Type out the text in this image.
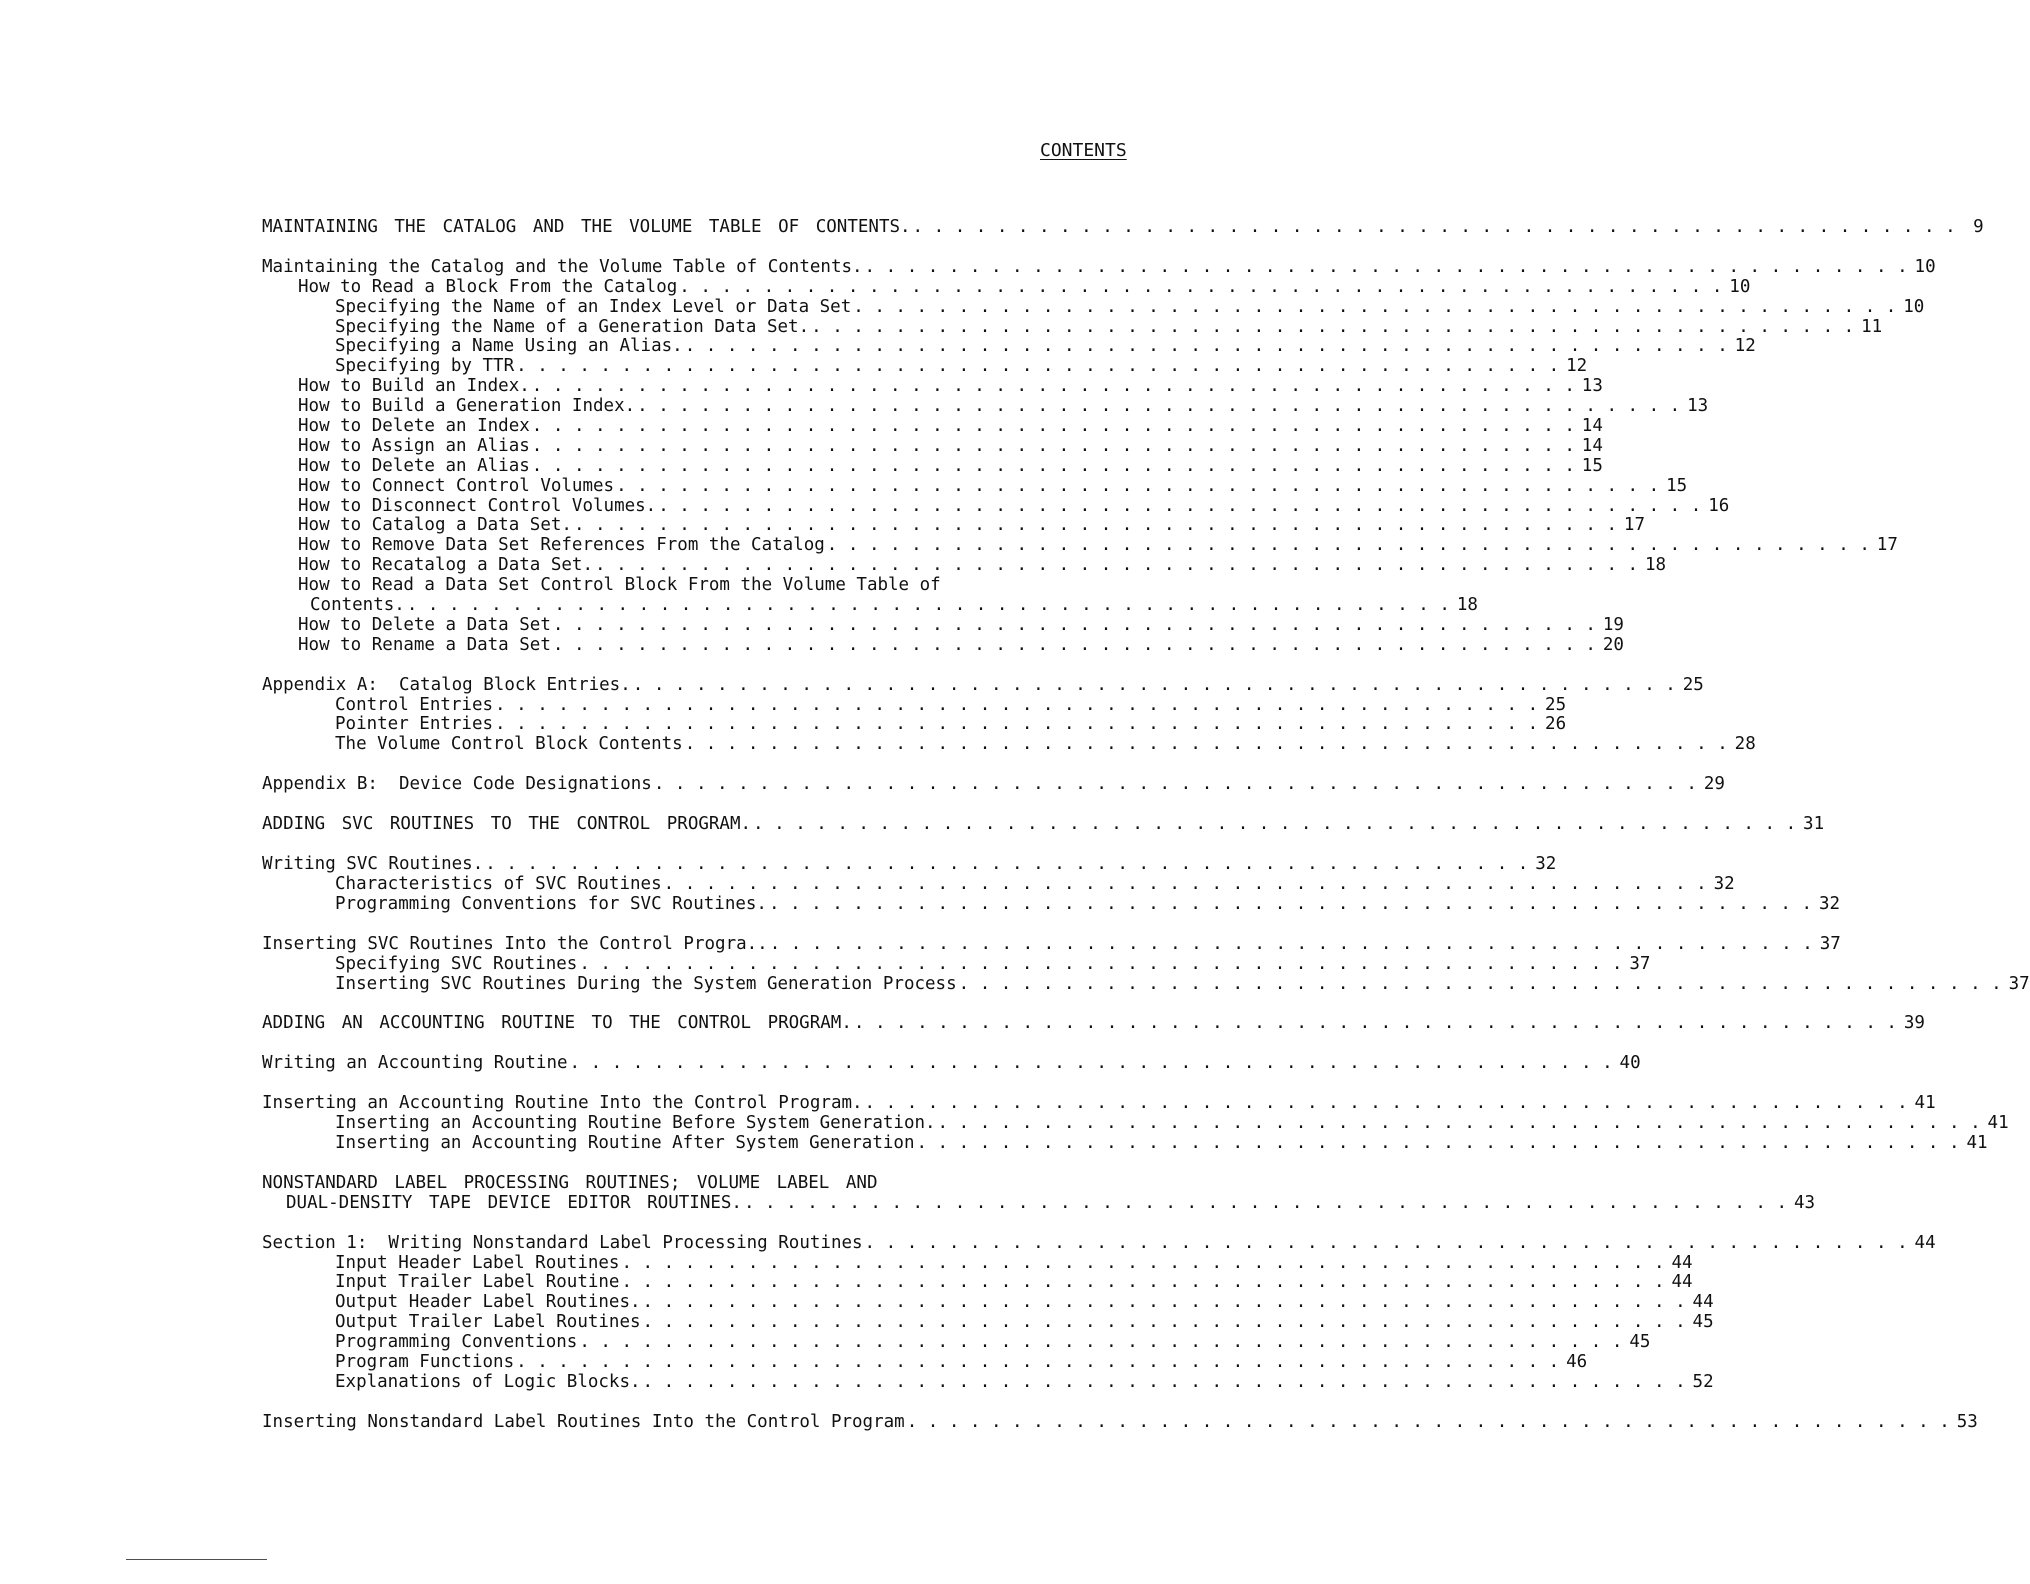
CONTENTS
MAINTAINING THE CATALOG AND THE VOLUME TABLE OF CONTENTS. . . . . . . . . . . . . . . . . . . . . . . . . . . . . . . . . . . . . . . . . . . . . . . . . . . 9
Maintaining the Catalog and the Volume Table of Contents. . . . . . . . . . . . . . . . . . . . . . . . . . . . . . . . . . . . . . . . . . . . . . . . . . . 10
How to Read a Block From the Catalog . . . . . . . . . . . . . . . . . . . . . . . . . . . . . . . . . . . . . . . . . . . . . . . . . . 10
Specifying the Name of an Index Level or Data Set . . . . . . . . . . . . . . . . . . . . . . . . . . . . . . . . . . . . . . . . . . . . . . . . . . 10
Specifying the Name of a Generation Data Set. . . . . . . . . . . . . . . . . . . . . . . . . . . . . . . . . . . . . . . . . . . . . . . . . . . 11
Specifying a Name Using an Alias. . . . . . . . . . . . . . . . . . . . . . . . . . . . . . . . . . . . . . . . . . . . . . . . . . . 12
Specifying by TTR . . . . . . . . . . . . . . . . . . . . . . . . . . . . . . . . . . . . . . . . . . . . . . . . . . 12
How to Build an Index. . . . . . . . . . . . . . . . . . . . . . . . . . . . . . . . . . . . . . . . . . . . . . . . . . . 13
How to Build a Generation Index. . . . . . . . . . . . . . . . . . . . . . . . . . . . . . . . . . . . . . . . . . . . . . . . . . . 13
How to Delete an Index . . . . . . . . . . . . . . . . . . . . . . . . . . . . . . . . . . . . . . . . . . . . . . . . . . 14
How to Assign an Alias . . . . . . . . . . . . . . . . . . . . . . . . . . . . . . . . . . . . . . . . . . . . . . . . . . 14
How to Delete an Alias . . . . . . . . . . . . . . . . . . . . . . . . . . . . . . . . . . . . . . . . . . . . . . . . . . 15
How to Connect Control Volumes . . . . . . . . . . . . . . . . . . . . . . . . . . . . . . . . . . . . . . . . . . . . . . . . . . 15
How to Disconnect Control Volumes. . . . . . . . . . . . . . . . . . . . . . . . . . . . . . . . . . . . . . . . . . . . . . . . . . . 16
How to Catalog a Data Set. . . . . . . . . . . . . . . . . . . . . . . . . . . . . . . . . . . . . . . . . . . . . . . . . . . 17
How to Remove Data Set References From the Catalog . . . . . . . . . . . . . . . . . . . . . . . . . . . . . . . . . . . . . . . . . . . . . . . . . . 17
How to Recatalog a Data Set. . . . . . . . . . . . . . . . . . . . . . . . . . . . . . . . . . . . . . . . . . . . . . . . . . . 18
How to Read a Data Set Control Block From the Volume Table of
Contents. . . . . . . . . . . . . . . . . . . . . . . . . . . . . . . . . . . . . . . . . . . . . . . . . . . 18
How to Delete a Data Set . . . . . . . . . . . . . . . . . . . . . . . . . . . . . . . . . . . . . . . . . . . . . . . . . . 19
How to Rename a Data Set . . . . . . . . . . . . . . . . . . . . . . . . . . . . . . . . . . . . . . . . . . . . . . . . . . 20
Appendix A:  Catalog Block Entries. . . . . . . . . . . . . . . . . . . . . . . . . . . . . . . . . . . . . . . . . . . . . . . . . . . 25
Control Entries . . . . . . . . . . . . . . . . . . . . . . . . . . . . . . . . . . . . . . . . . . . . . . . . . . 25
Pointer Entries . . . . . . . . . . . . . . . . . . . . . . . . . . . . . . . . . . . . . . . . . . . . . . . . . . 26
The Volume Control Block Contents . . . . . . . . . . . . . . . . . . . . . . . . . . . . . . . . . . . . . . . . . . . . . . . . . . 28
Appendix B:  Device Code Designations . . . . . . . . . . . . . . . . . . . . . . . . . . . . . . . . . . . . . . . . . . . . . . . . . . 29
ADDING SVC ROUTINES TO THE CONTROL PROGRAM. . . . . . . . . . . . . . . . . . . . . . . . . . . . . . . . . . . . . . . . . . . . . . . . . . . 31
Writing SVC Routines. . . . . . . . . . . . . . . . . . . . . . . . . . . . . . . . . . . . . . . . . . . . . . . . . . . 32
Characteristics of SVC Routines . . . . . . . . . . . . . . . . . . . . . . . . . . . . . . . . . . . . . . . . . . . . . . . . . . 32
Programming Conventions for SVC Routines. . . . . . . . . . . . . . . . . . . . . . . . . . . . . . . . . . . . . . . . . . . . . . . . . . . 32
Inserting SVC Routines Into the Control Progra.. . . . . . . . . . . . . . . . . . . . . . . . . . . . . . . . . . . . . . . . . . . . . . . . . . . 37
Specifying SVC Routines . . . . . . . . . . . . . . . . . . . . . . . . . . . . . . . . . . . . . . . . . . . . . . . . . . 37
Inserting SVC Routines During the System Generation Process . . . . . . . . . . . . . . . . . . . . . . . . . . . . . . . . . . . . . . . . . . . . . . . . . . 37
ADDING AN ACCOUNTING ROUTINE TO THE CONTROL PROGRAM. . . . . . . . . . . . . . . . . . . . . . . . . . . . . . . . . . . . . . . . . . . . . . . . . . . 39
Writing an Accounting Routine . . . . . . . . . . . . . . . . . . . . . . . . . . . . . . . . . . . . . . . . . . . . . . . . . . 40
Inserting an Accounting Routine Into the Control Program. . . . . . . . . . . . . . . . . . . . . . . . . . . . . . . . . . . . . . . . . . . . . . . . . . . 41
Inserting an Accounting Routine Before System Generation. . . . . . . . . . . . . . . . . . . . . . . . . . . . . . . . . . . . . . . . . . . . . . . . . . . 41
Inserting an Accounting Routine After System Generation . . . . . . . . . . . . . . . . . . . . . . . . . . . . . . . . . . . . . . . . . . . . . . . . . . 41
NONSTANDARD LABEL PROCESSING ROUTINES; VOLUME LABEL AND
DUAL-DENSITY TAPE DEVICE EDITOR ROUTINES. . . . . . . . . . . . . . . . . . . . . . . . . . . . . . . . . . . . . . . . . . . . . . . . . . . 43
Section 1:  Writing Nonstandard Label Processing Routines . . . . . . . . . . . . . . . . . . . . . . . . . . . . . . . . . . . . . . . . . . . . . . . . . . 44
Input Header Label Routines . . . . . . . . . . . . . . . . . . . . . . . . . . . . . . . . . . . . . . . . . . . . . . . . . . 44
Input Trailer Label Routine . . . . . . . . . . . . . . . . . . . . . . . . . . . . . . . . . . . . . . . . . . . . . . . . . . 44
Output Header Label Routines. . . . . . . . . . . . . . . . . . . . . . . . . . . . . . . . . . . . . . . . . . . . . . . . . . . 44
Output Trailer Label Routines . . . . . . . . . . . . . . . . . . . . . . . . . . . . . . . . . . . . . . . . . . . . . . . . . . 45
Programming Conventions . . . . . . . . . . . . . . . . . . . . . . . . . . . . . . . . . . . . . . . . . . . . . . . . . . 45
Program Functions . . . . . . . . . . . . . . . . . . . . . . . . . . . . . . . . . . . . . . . . . . . . . . . . . . 46
Explanations of Logic Blocks. . . . . . . . . . . . . . . . . . . . . . . . . . . . . . . . . . . . . . . . . . . . . . . . . . . 52
Inserting Nonstandard Label Routines Into the Control Program . . . . . . . . . . . . . . . . . . . . . . . . . . . . . . . . . . . . . . . . . . . . . . . . . . 53
